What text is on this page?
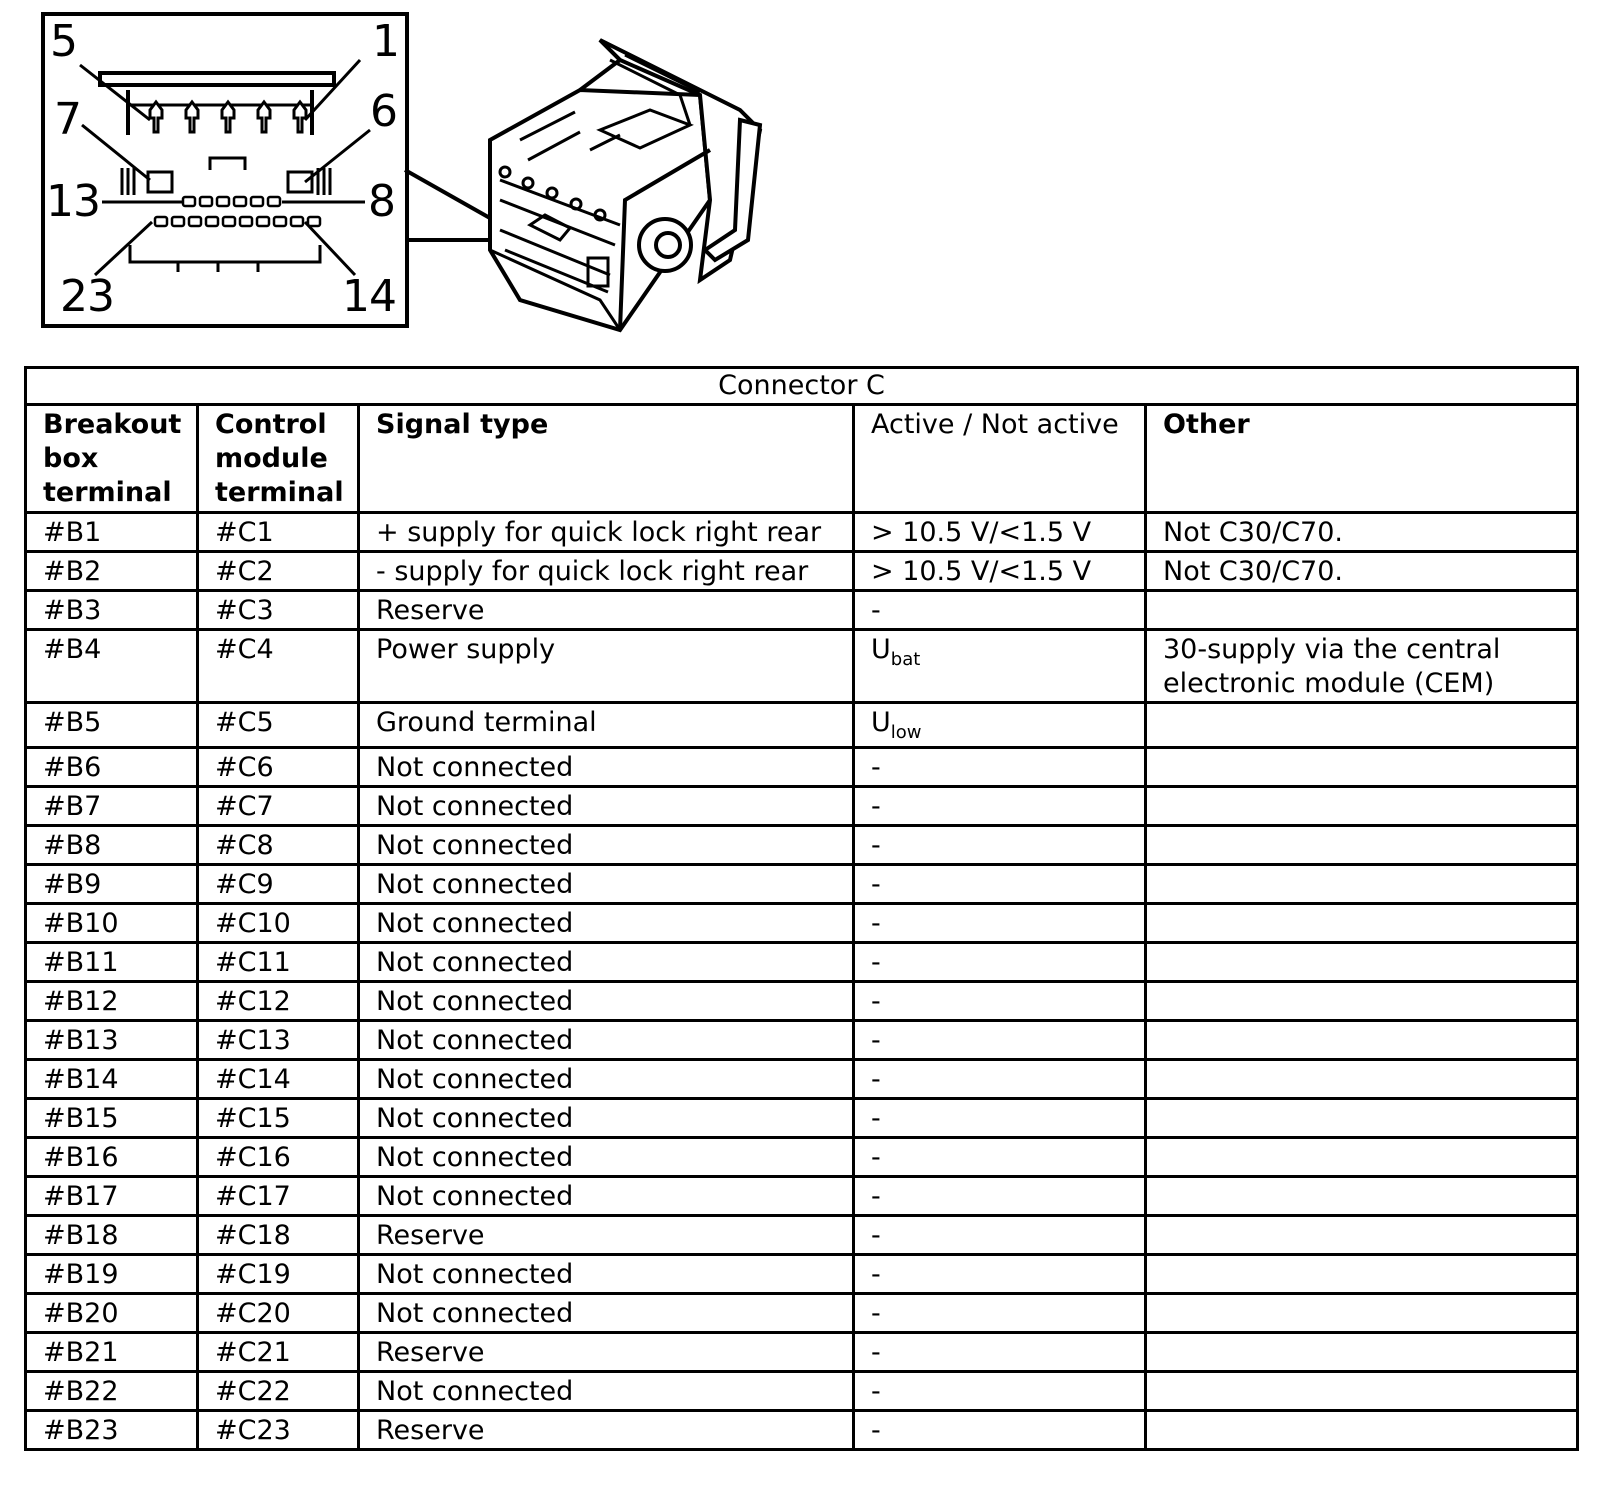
5	1
7	6
13	8
23	14
Connector C				
Breakout box terminal	Control module terminal	Signal type	Active / Not active	Other
#B1	#C1	+ supply for quick lock right rear	> 10.5 V/<1.5 V	Not C30/C70.
#B2	#C2	- supply for quick lock right rear	> 10.5 V/<1.5 V	Not C30/C70.
#B3	#C3	Reserve	-	
#B4	#C4	Power supply	$U_{bat}$	30-supply via the central electronic module (CEM)
#B5	#C5	Ground terminal	$U_{low}$	
#B6	#C6	Not connected	-	
#B7	#C7	Not connected	-	
#B8	#C8	Not connected	-	
#B9	#C9	Not connected	-	
#B10	#C10	Not connected	-	
#B11	#C11	Not connected	-	
#B12	#C12	Not connected	-	
#B13	#C13	Not connected	-	
#B14	#C14	Not connected	-	
#B15	#C15	Not connected	-	
#B16	#C16	Not connected	-	
#B17	#C17	Not connected	-	
#B18	#C18	Reserve	-	
#B19	#C19	Not connected	-	
#B20	#C20	Not connected	-	
#B21	#C21	Reserve	-	
#B22	#C22	Not connected	-	
#B23	#C23	Reserve	-	
